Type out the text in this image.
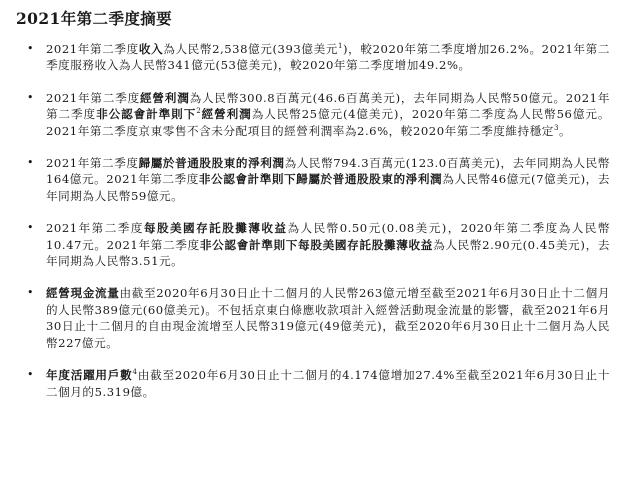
2021年第二季度摘要
• 2021年第二季度收入為人民幣2,538億元(393億美元$^1$)，較2020年第二季度增加26.2%。2021年第二季度服務收入為人民幣341億元(53億美元)，較2020年第二季度增加49.2%。
• 2021年第二季度經營利潤為人民幣300.8百萬元(46.6百萬美元)，去年同期為人民幣50億元。2021年第二季度非公認會計準則下$^2$經營利潤為人民幣25億元(4億美元)，2020年第二季度為人民幣56億元。2021年第二季度京東零售不含未分配項目的經營利潤率為2.6%，較2020年第二季度維持穩定$^3$。
• 2021年第二季度歸屬於普通股股東的淨利潤為人民幣794.3百萬元(123.0百萬美元)，去年同期為人民幣164億元。2021年第二季度非公認會計準則下歸屬於普通股股東的淨利潤為人民幣46億元(7億美元)，去年同期為人民幣59億元。
• 2021年第二季度每股美國存託股攤薄收益為人民幣0.50元(0.08美元)，2020年第二季度為人民幣10.47元。2021年第二季度非公認會計準則下每股美國存託股攤薄收益為人民幣2.90元(0.45美元)，去年同期為人民幣3.51元。
• 經營現金流量由截至2020年6月30日止十二個月的人民幣263億元增至截至2021年6月30日止十二個月的人民幣389億元(60億美元)。不包括京東白條應收款項計入經營活動現金流量的影響，截至2021年6月30日止十二個月的自由現金流增至人民幣319億元(49億美元)，截至2020年6月30日止十二個月為人民幣227億元。
• 年度活躍用戶數$^4$由截至2020年6月30日止十二個月的4.174億增加27.4%至截至2021年6月30日止十二個月的5.319億。
